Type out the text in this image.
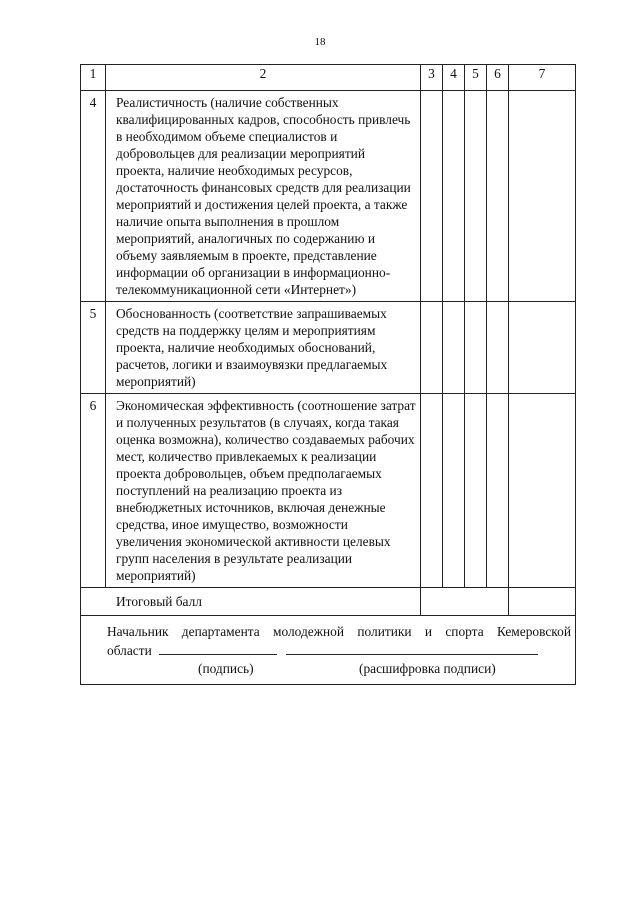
18
1	2	3	4	5	6	7
4	Реалистичность (наличие собственных квалифицированных кадров, способность привлечь в необходимом объеме специалистов и добровольцев для реализации мероприятий проекта, наличие необходимых ресурсов, достаточность финансовых средств для реализации мероприятий и достижения целей проекта, а также наличие опыта выполнения в прошлом мероприятий, аналогичных по содержанию и объему заявляемым в проекте, представление информации об организации в информационно-телекоммуникационной сети «Интернет»)					
5	Обоснованность (соответствие запрашиваемых средств на поддержку целям и мероприятиям проекта, наличие необходимых обоснований, расчетов, логики и взаимоувязки предлагаемых мероприятий)					
6	Экономическая эффективность (соотношение затрат и полученных результатов (в случаях, когда такая оценка возможна), количество создаваемых рабочих мест, количество привлекаемых к реализации проекта добровольцев, объем предполагаемых поступлений на реализацию проекта из внебюджетных источников, включая денежные средства, иное имущество, возможности увеличения экономической активности целевых групп населения в результате реализации мероприятий)					
Итоговый балл						

Начальник департамента молодежной политики и спорта Кемеровской
области
(подпись) (расшифровка подписи)						
